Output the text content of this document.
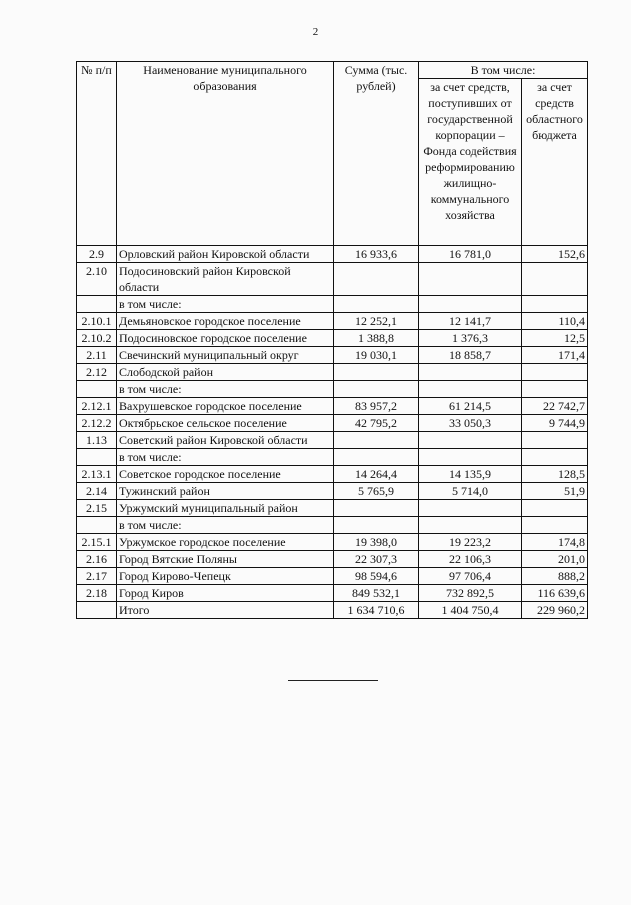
2
№ п/п	Наименование муниципального образования	Сумма (тыс. рублей)	В том числе:	
			за счет средств, поступивших от государственной корпорации – Фонда содействия реформированию жилищно-коммунального хозяйства	за счет средств областного бюджета
2.9	Орловский район Кировской области	16 933,6	16 781,0	152,6
2.10	Подосиновский район Кировской области			
	в том числе:			
2.10.1	Демьяновское городское поселение	12 252,1	12 141,7	110,4
2.10.2	Подосиновское городское поселение	1 388,8	1 376,3	12,5
2.11	Свечинский муниципальный округ	19 030,1	18 858,7	171,4
2.12	Слободской район			
	в том числе:			
2.12.1	Вахрушевское городское поселение	83 957,2	61 214,5	22 742,7
2.12.2	Октябрьское сельское поселение	42 795,2	33 050,3	9 744,9
1.13	Советский район Кировской области			
	в том числе:			
2.13.1	Советское городское поселение	14 264,4	14 135,9	128,5
2.14	Тужинский район	5 765,9	5 714,0	51,9
2.15	Уржумский муниципальный район			
	в том числе:			
2.15.1	Уржумское городское поселение	19 398,0	19 223,2	174,8
2.16	Город Вятские Поляны	22 307,3	22 106,3	201,0
2.17	Город Кирово-Чепецк	98 594,6	97 706,4	888,2
2.18	Город Киров	849 532,1	732 892,5	116 639,6
	Итого	1 634 710,6	1 404 750,4	229 960,2
